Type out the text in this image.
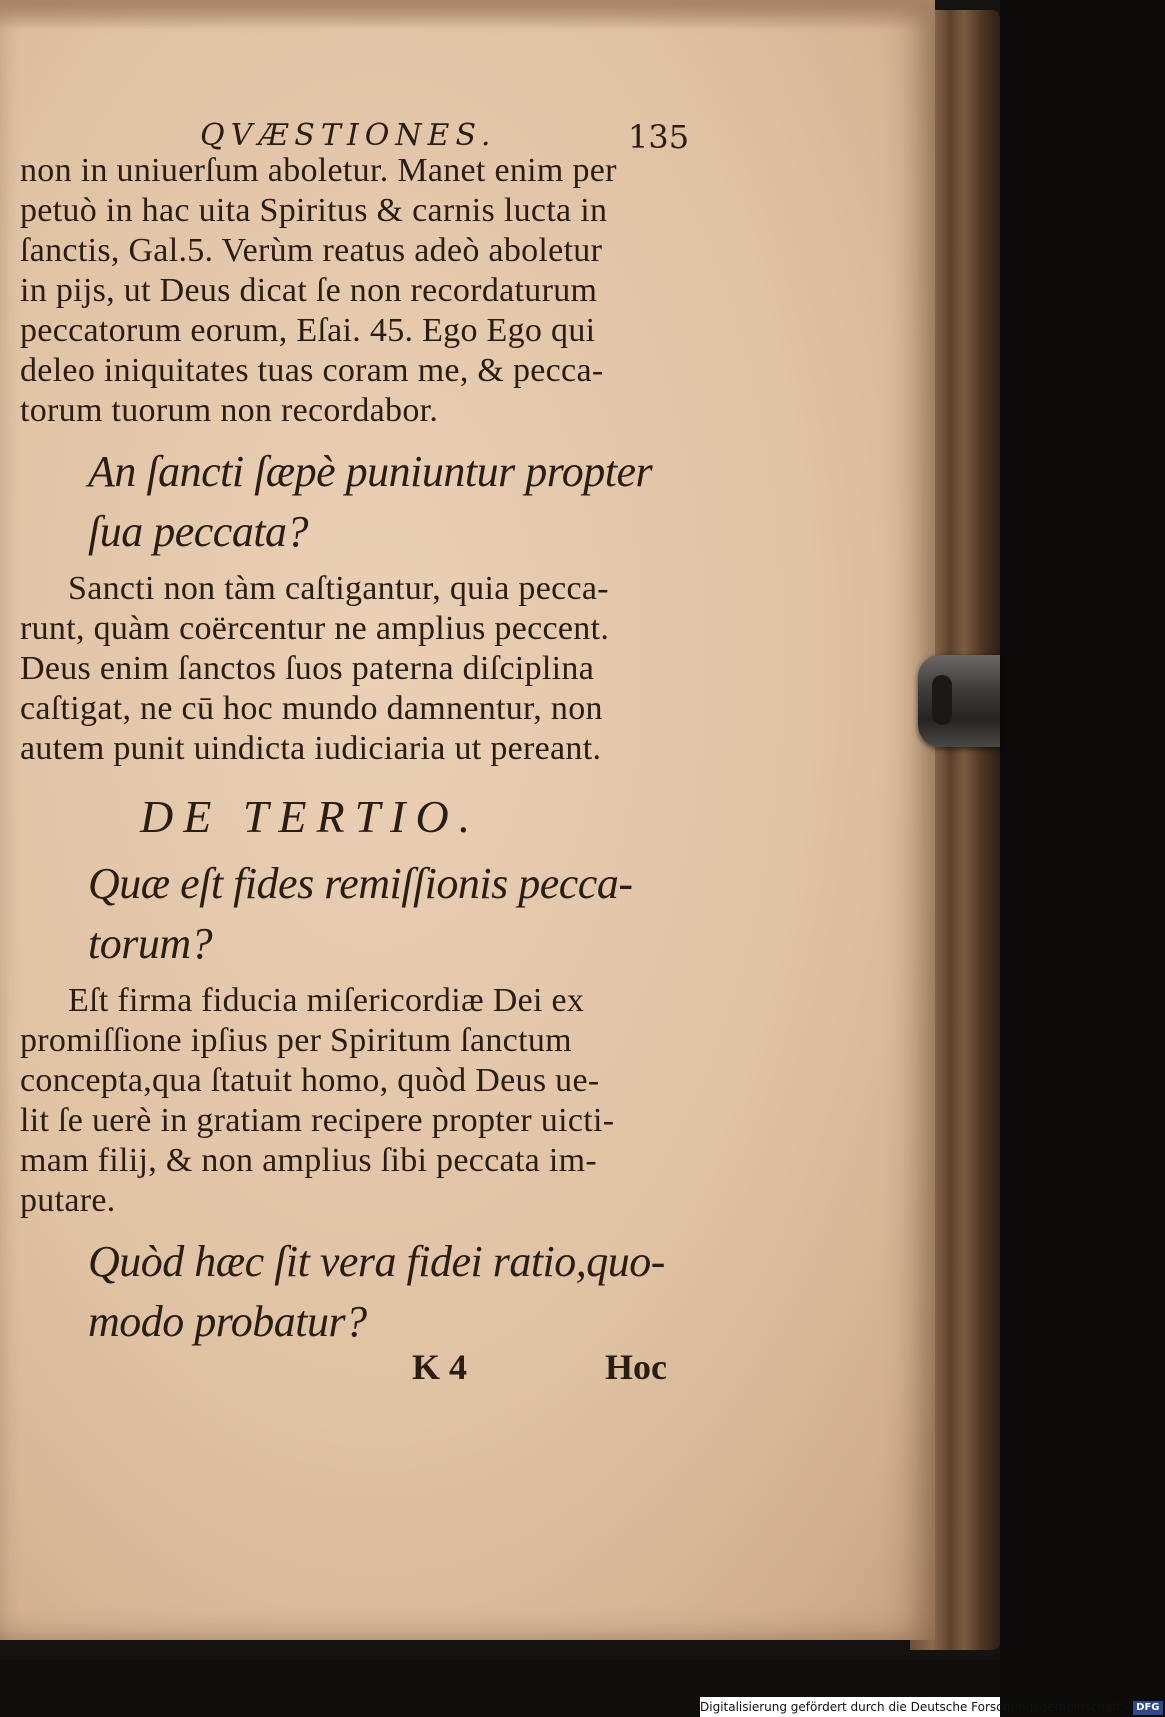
QVÆSTIONES.	135
non in uniuerſum aboletur. Manet enim per
petuò in hac uita Spiritus & carnis lucta in
ſanctis, Gal.5. Verùm reatus adeò aboletur
in pijs, ut Deus dicat ſe non recordaturum
peccatorum eorum, Eſai. 45. Ego Ego qui
deleo iniquitates tuas coram me, & pecca-
torum tuorum non recordabor.
An ſancti ſæpè puniuntur propter
ſua peccata?
Sancti non tàm caſtigantur, quia pecca-
runt, quàm coërcentur ne amplius peccent.
Deus enim ſanctos ſuos paterna diſciplina
caſtigat, ne cū hoc mundo damnentur, non
autem punit uindicta iudiciaria ut pereant.
DE TERTIO.
Quæ eſt fides remiſſionis pecca-
torum?
Eſt firma fiducia miſericordiæ Dei ex
promiſſione ipſius per Spiritum ſanctum
concepta,qua ſtatuit homo, quòd Deus ue-
lit ſe uerè in gratiam recipere propter uicti-
mam filij, & non amplius ſibi peccata im-
putare.
Quòd hæc ſit vera fidei ratio,quo-
modo probatur?
K 4	Hoc
Digitalisierung gefördert durch die Deutsche Forschungsgemeinschaft - DFG
